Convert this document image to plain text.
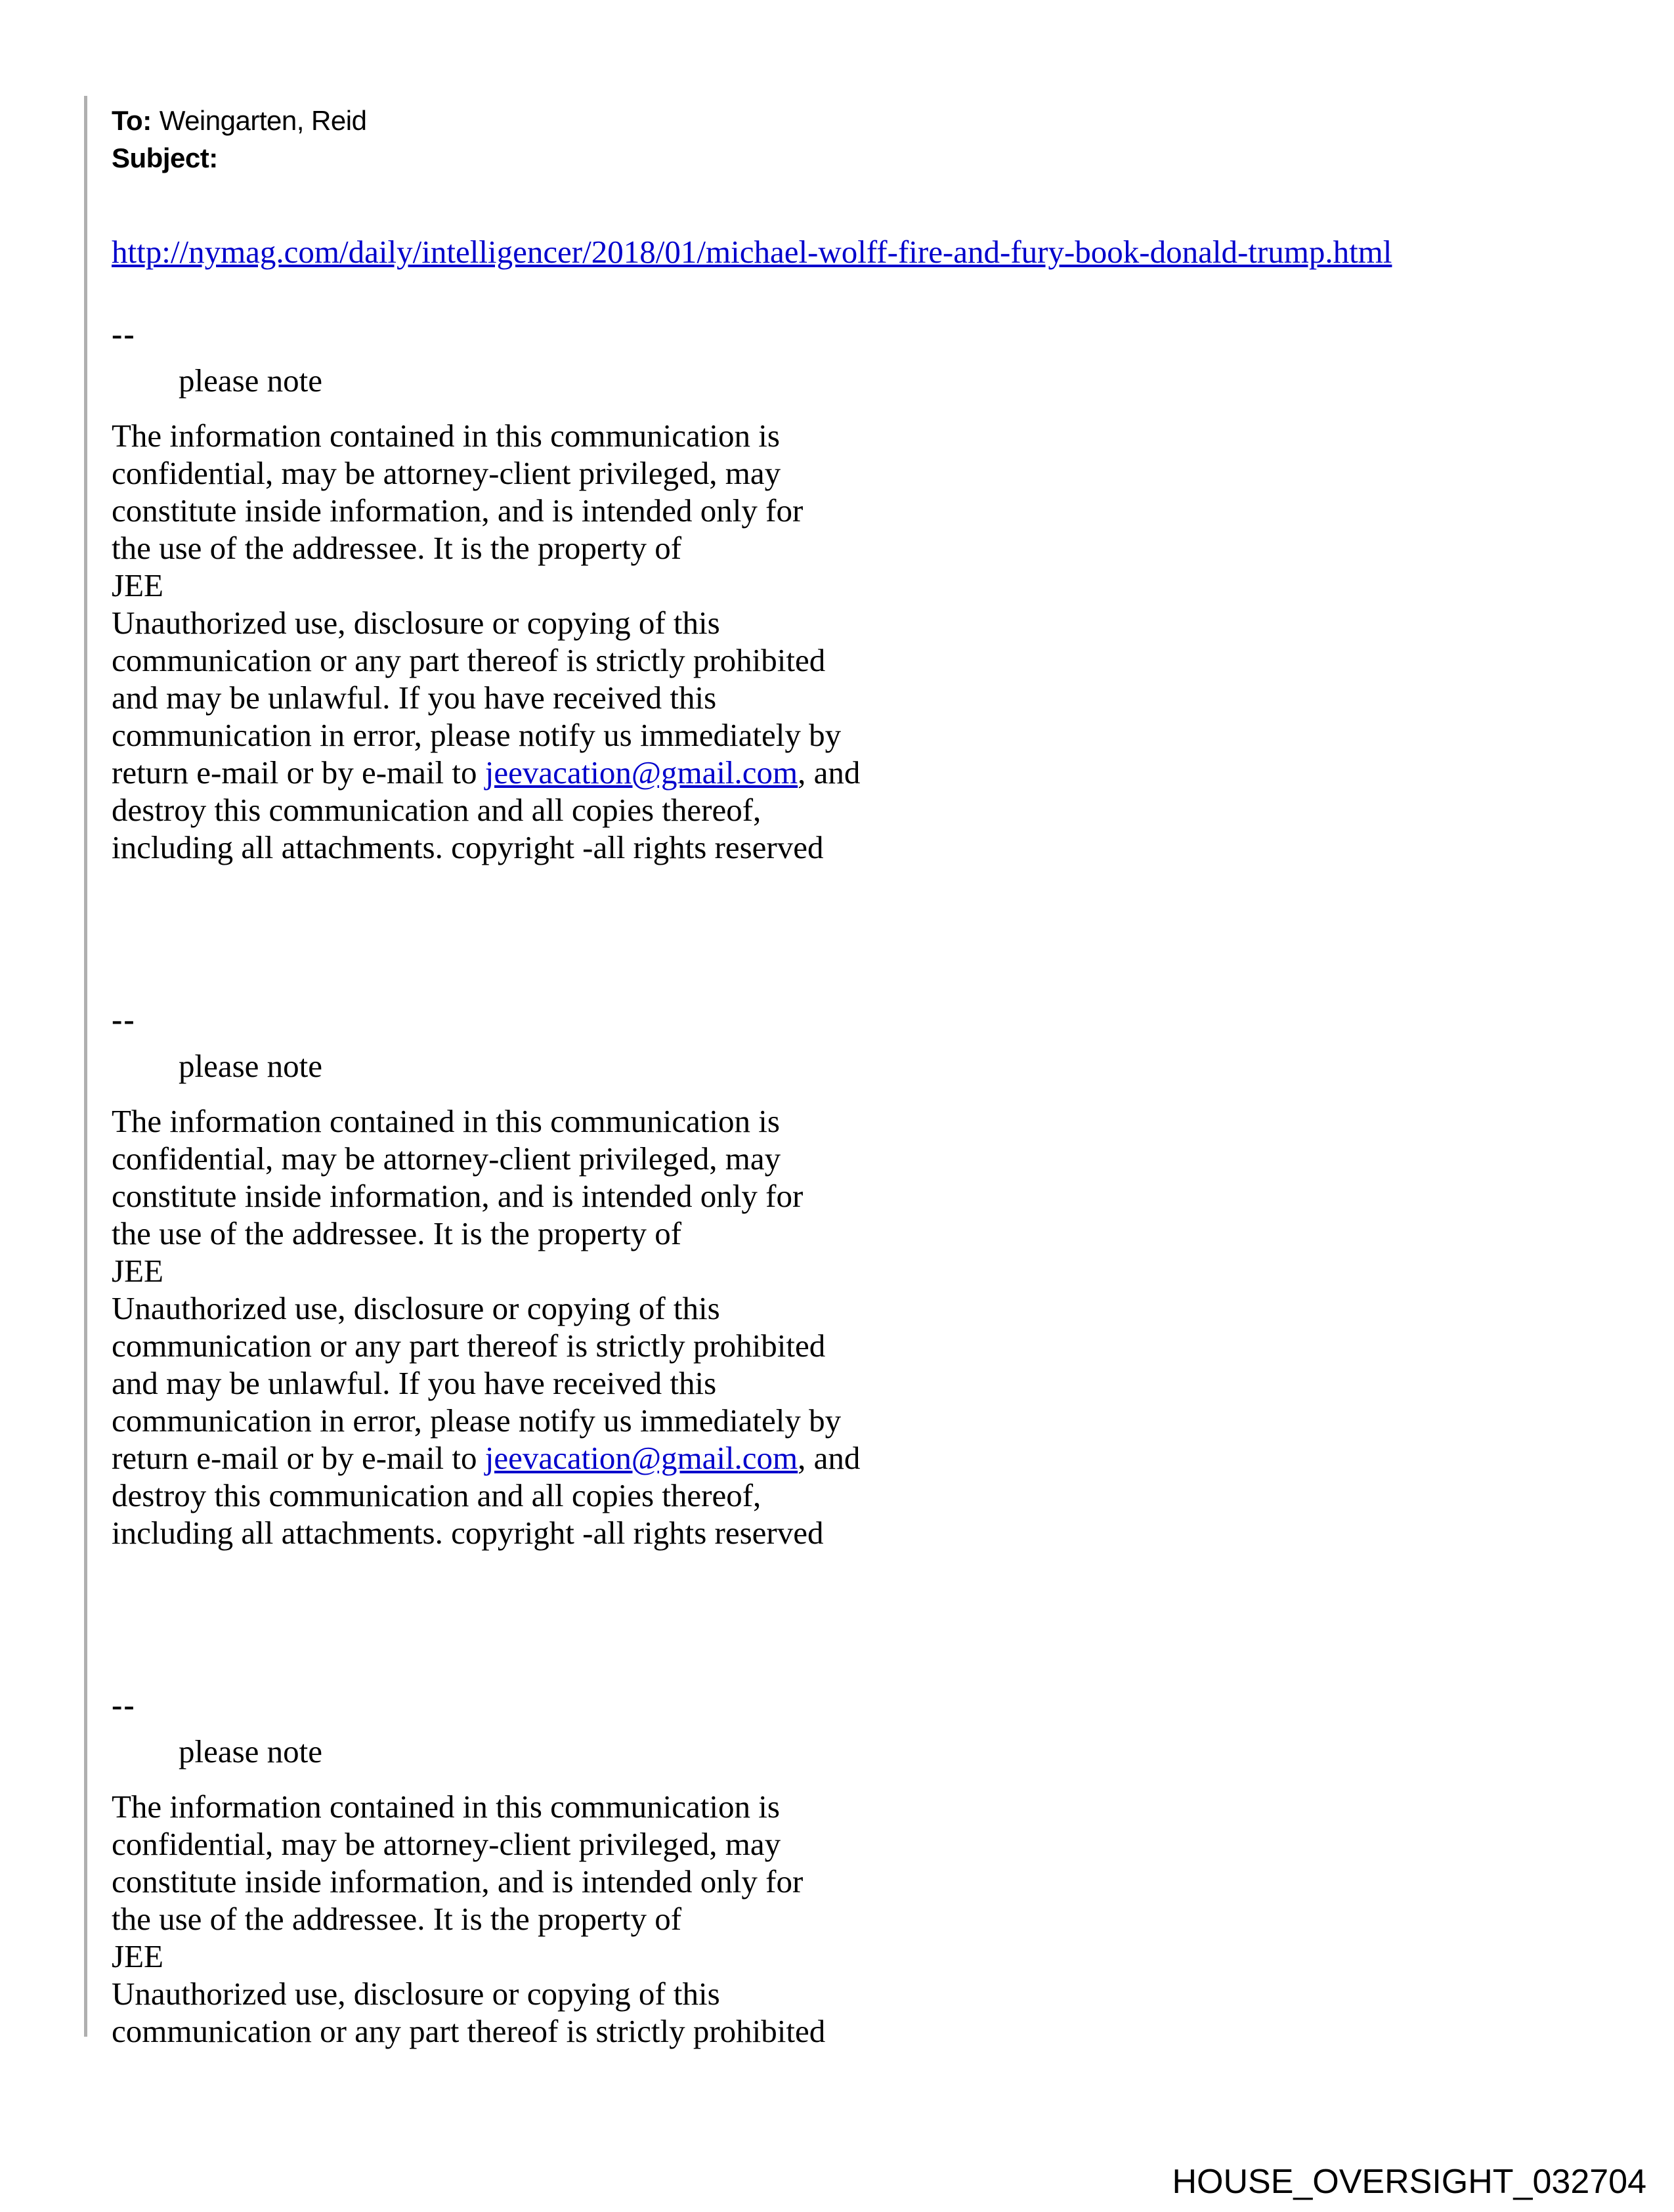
To: Weingarten, Reid
Subject:
http://nymag.com/daily/intelligencer/2018/01/michael-wolff-fire-and-fury-book-donald-trump.html
--
please note
The information contained in this communication is
confidential, may be attorney-client privileged, may
constitute inside information, and is intended only for
the use of the addressee. It is the property of
JEE
Unauthorized use, disclosure or copying of this
communication or any part thereof is strictly prohibited
and may be unlawful. If you have received this
communication in error, please notify us immediately by
return e-mail or by e-mail to jeevacation@gmail.com, and
destroy this communication and all copies thereof,
including all attachments. copyright -all rights reserved
--
please note
The information contained in this communication is
confidential, may be attorney-client privileged, may
constitute inside information, and is intended only for
the use of the addressee. It is the property of
JEE
Unauthorized use, disclosure or copying of this
communication or any part thereof is strictly prohibited
and may be unlawful. If you have received this
communication in error, please notify us immediately by
return e-mail or by e-mail to jeevacation@gmail.com, and
destroy this communication and all copies thereof,
including all attachments. copyright -all rights reserved
--
please note
The information contained in this communication is
confidential, may be attorney-client privileged, may
constitute inside information, and is intended only for
the use of the addressee. It is the property of
JEE
Unauthorized use, disclosure or copying of this
communication or any part thereof is strictly prohibited
HOUSE_OVERSIGHT_032704
